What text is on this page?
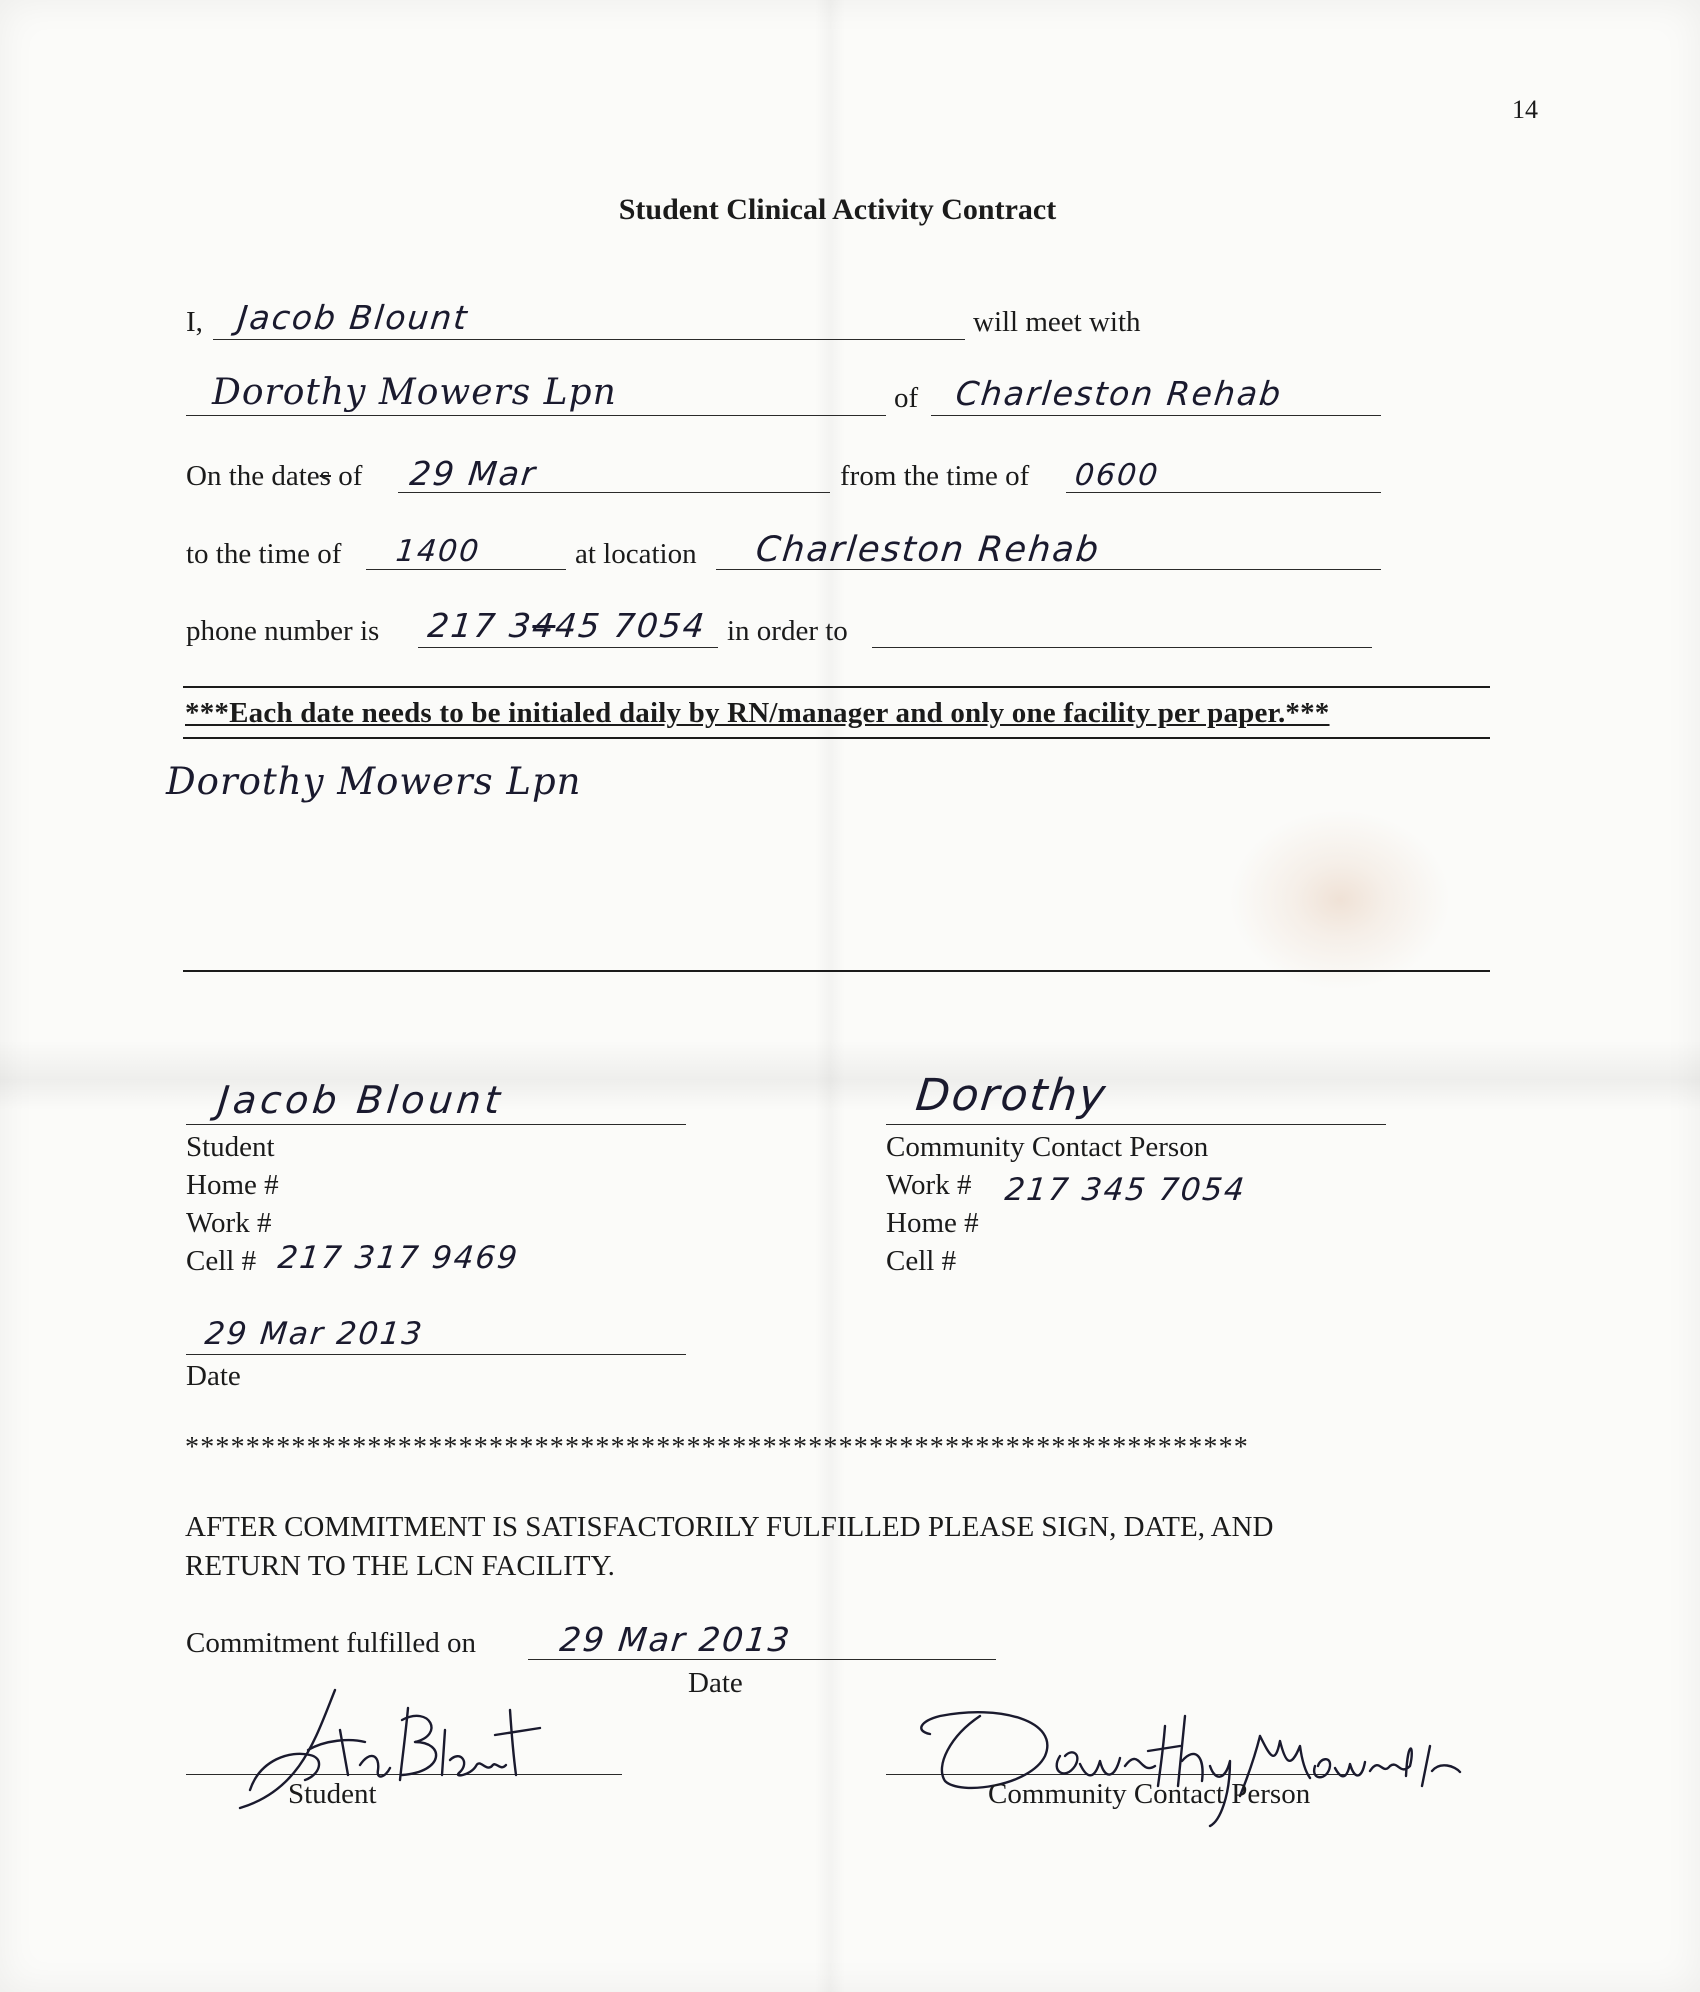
14
Student Clinical Activity Contract
I, Jacob Blount	will meet with
Dorothy Mowers Lpn	of Charleston Rehab
On the dates of 29 Mar	from the time of 0600
to the time of 1400	at location Charleston Rehab
phone number is 217 3445 7054 in order to
***Each date needs to be initialed daily by RN/manager and only one facility per paper.***
Dorothy Mowers Lpn
Jacob Blount
Student
Home #
Work #
Cell # 217 317 9469
29 Mar 2013
Date
Dorothy
Community Contact Person
Work # 217 345 7054
Home #
Cell #
**********************************************************************
AFTER COMMITMENT IS SATISFACTORILY FULFILLED PLEASE SIGN, DATE, AND
RETURN TO THE LCN FACILITY.
Commitment fulfilled on 29 Mar 2013
Date
Student	Community Contact Person
